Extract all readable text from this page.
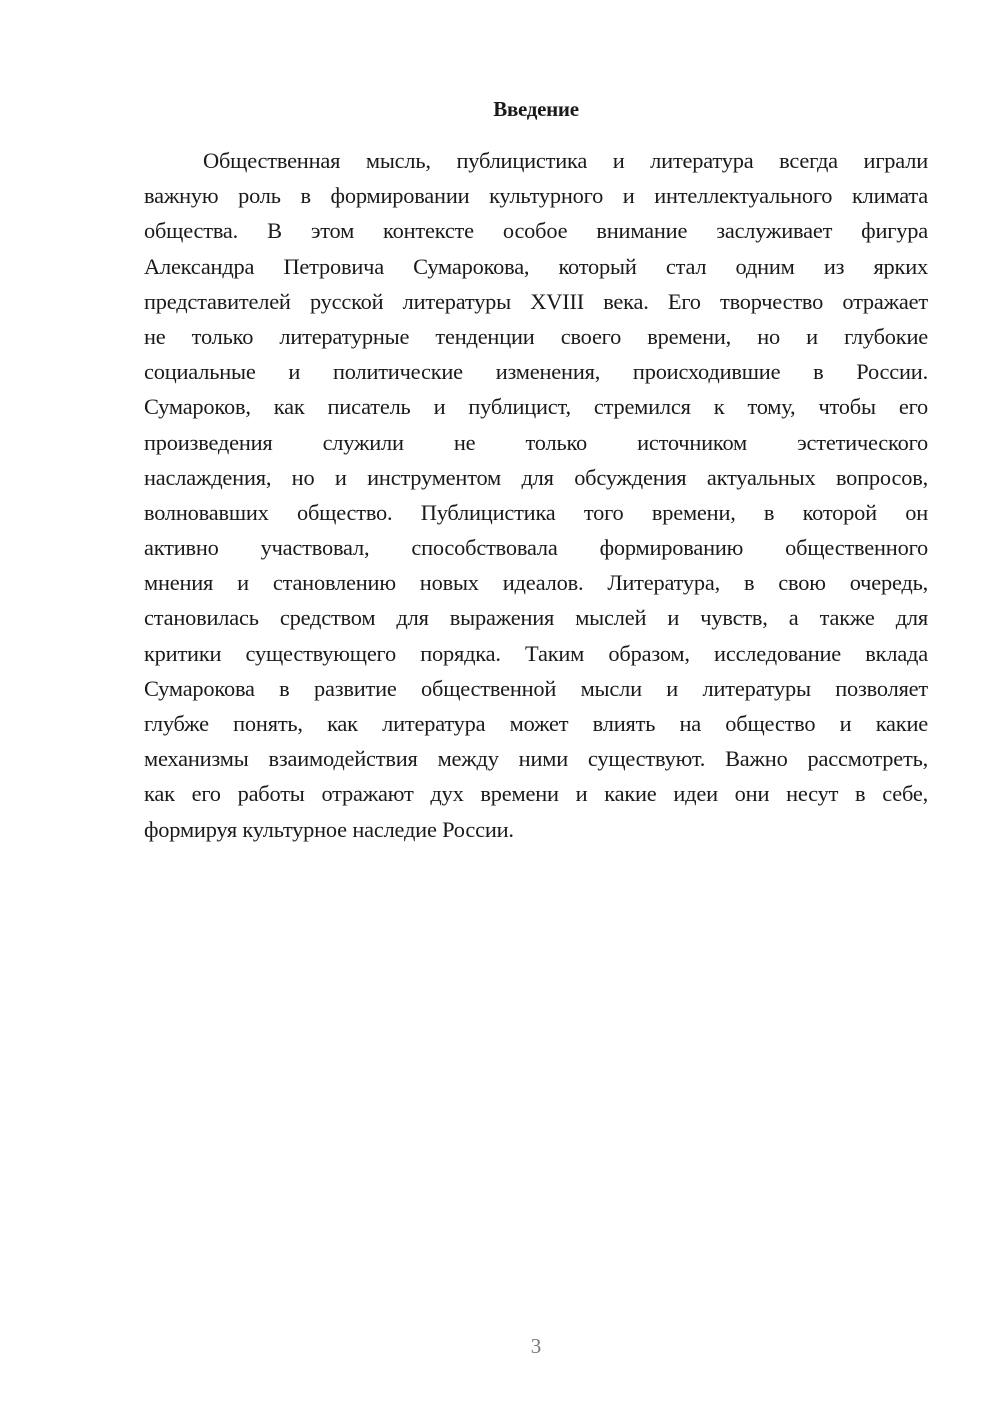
Введение
Общественная мысль, публицистика и литература всегда играли
важную роль в формировании культурного и интеллектуального климата
общества. В этом контексте особое внимание заслуживает фигура
Александра Петровича Сумарокова, который стал одним из ярких
представителей русской литературы XVIII века. Его творчество отражает
не только литературные тенденции своего времени, но и глубокие
социальные и политические изменения, происходившие в России.
Сумароков, как писатель и публицист, стремился к тому, чтобы его
произведения служили не только источником эстетического
наслаждения, но и инструментом для обсуждения актуальных вопросов,
волновавших общество. Публицистика того времени, в которой он
активно участвовал, способствовала формированию общественного
мнения и становлению новых идеалов. Литература, в свою очередь,
становилась средством для выражения мыслей и чувств, а также для
критики существующего порядка. Таким образом, исследование вклада
Сумарокова в развитие общественной мысли и литературы позволяет
глубже понять, как литература может влиять на общество и какие
механизмы взаимодействия между ними существуют. Важно рассмотреть,
как его работы отражают дух времени и какие идеи они несут в себе,
формируя культурное наследие России.
3
